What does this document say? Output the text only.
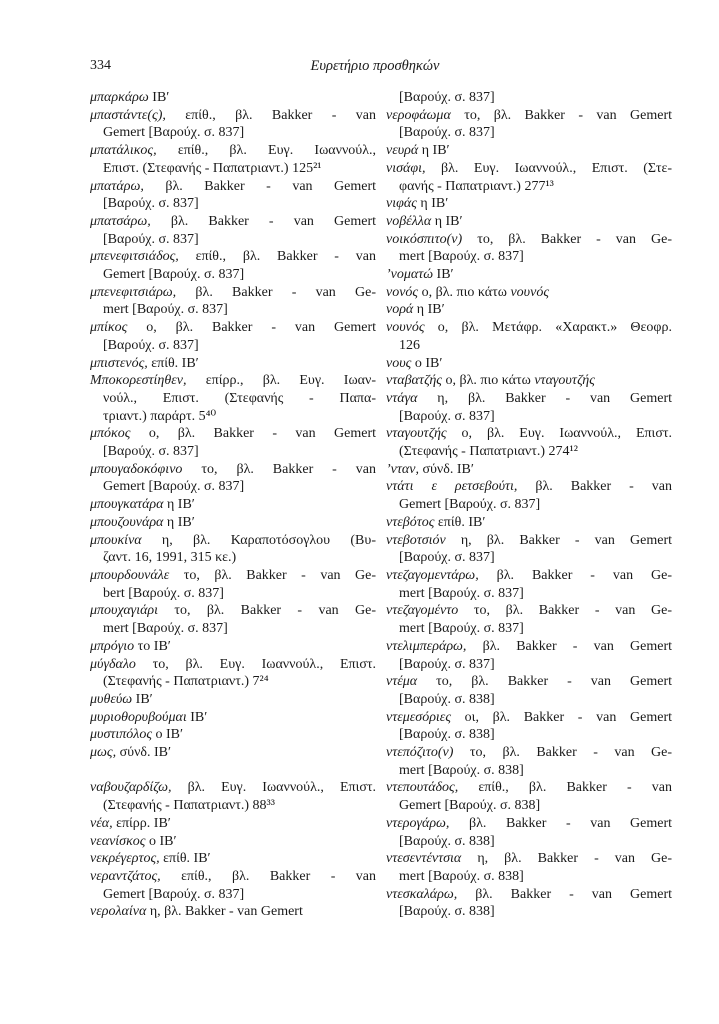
334	Ευρετήριο προσθηκών
μπαρκάρω ΙΒ′
μπαστάντε(ς), επίθ., βλ. Bakker - van
Gemert [Βαρούχ. σ. 837]
μπατάλικος, επίθ., βλ. Ευγ. Ιωαννούλ.,
Επιστ. (Στεφανής - Παπατριαντ.) 125²¹
μπατάρω, βλ. Bakker - van Gemert
[Βαρούχ. σ. 837]
μπατσάρω, βλ. Bakker - van Gemert
[Βαρούχ. σ. 837]
μπενεφιτσιάδος, επίθ., βλ. Bakker - van
Gemert [Βαρούχ. σ. 837]
μπενεφιτσιάρω, βλ. Bakker - van Ge-
mert [Βαρούχ. σ. 837]
μπίκος ο, βλ. Bakker - van Gemert
[Βαρούχ. σ. 837]
μπιστενός, επίθ. ΙΒ′
Μποκορεστίηθεν, επίρρ., βλ. Ευγ. Ιωαν-
νούλ., Επιστ. (Στεφανής - Παπα-
τριαντ.) παράρτ. 5⁴⁰
μπόκος ο, βλ. Bakker - van Gemert
[Βαρούχ. σ. 837]
μπουγαδοκόφινο το, βλ. Bakker - van
Gemert [Βαρούχ. σ. 837]
μπουγκατάρα η ΙΒ′
μπουζουνάρα η ΙΒ′
μπουκίνα η, βλ. Καραποτόσογλου (Βυ-
ζαντ. 16, 1991, 315 κε.)
μπουρδουνάλε το, βλ. Bakker - van Ge-
bert [Βαρούχ. σ. 837]
μπουχαγιάρι το, βλ. Bakker - van Ge-
mert [Βαρούχ. σ. 837]
μπρόγιο το ΙΒ′
μύγδαλο το, βλ. Ευγ. Ιωαννούλ., Επιστ.
(Στεφανής - Παπατριαντ.) 7²⁴
μυθεύω ΙΒ′
μυριοθορυβούμαι ΙΒ′
μυστιπόλος ο ΙΒ′
μως, σύνδ. ΙΒ′
ναβουζαρδίζω, βλ. Ευγ. Ιωαννούλ., Επιστ.
(Στεφανής - Παπατριαντ.) 88³³
νέα, επίρρ. ΙΒ′
νεανίσκος ο ΙΒ′
νεκρέγερτος, επίθ. ΙΒ′
νεραντζάτος, επίθ., βλ. Bakker - van
Gemert [Βαρούχ. σ. 837]
νερολαίνα η, βλ. Bakker - van Gemert
[Βαρούχ. σ. 837]
νεροφάωμα το, βλ. Bakker - van Gemert
[Βαρούχ. σ. 837]
νευρά η ΙΒ′
νισάφι, βλ. Ευγ. Ιωαννούλ., Επιστ. (Στε-
φανής - Παπατριαντ.) 277¹³
νιφάς η ΙΒ′
νοβέλλα η ΙΒ′
νοικόσπιτο(ν) το, βλ. Bakker - van Ge-
mert [Βαρούχ. σ. 837]
’νοματώ ΙΒ′
νονός ο, βλ. πιο κάτω νουνός
νορά η ΙΒ′
νουνός ο, βλ. Μετάφρ. «Χαρακτ.» Θεοφρ.
126
νους ο ΙΒ′
νταβατζής ο, βλ. πιο κάτω νταγουτζής
ντάγα η, βλ. Bakker - van Gemert
[Βαρούχ. σ. 837]
νταγουτζής ο, βλ. Ευγ. Ιωαννούλ., Επιστ.
(Στεφανής - Παπατριαντ.) 274¹²
’νταν, σύνδ. ΙΒ′
ντάτι ε ρετσεβούτι, βλ. Bakker - van
Gemert [Βαρούχ. σ. 837]
ντεβότος επίθ. ΙΒ′
ντεβοτσιόν η, βλ. Bakker - van Gemert
[Βαρούχ. σ. 837]
ντεζαγομεντάρω, βλ. Bakker - van Ge-
mert [Βαρούχ. σ. 837]
ντεζαγομέντο το, βλ. Bakker - van Ge-
mert [Βαρούχ. σ. 837]
ντελιμπεράρω, βλ. Bakker - van Gemert
[Βαρούχ. σ. 837]
ντέμα το, βλ. Bakker - van Gemert
[Βαρούχ. σ. 838]
ντεμεσόριες οι, βλ. Bakker - van Gemert
[Βαρούχ. σ. 838]
ντεπόζιτο(ν) το, βλ. Bakker - van Ge-
mert [Βαρούχ. σ. 838]
ντεπουτάδος, επίθ., βλ. Bakker - van
Gemert [Βαρούχ. σ. 838]
ντερογάρω, βλ. Bakker - van Gemert
[Βαρούχ. σ. 838]
ντεσεντέντσια η, βλ. Bakker - van Ge-
mert [Βαρούχ. σ. 838]
ντεσκαλάρω, βλ. Bakker - van Gemert
[Βαρούχ. σ. 838]
